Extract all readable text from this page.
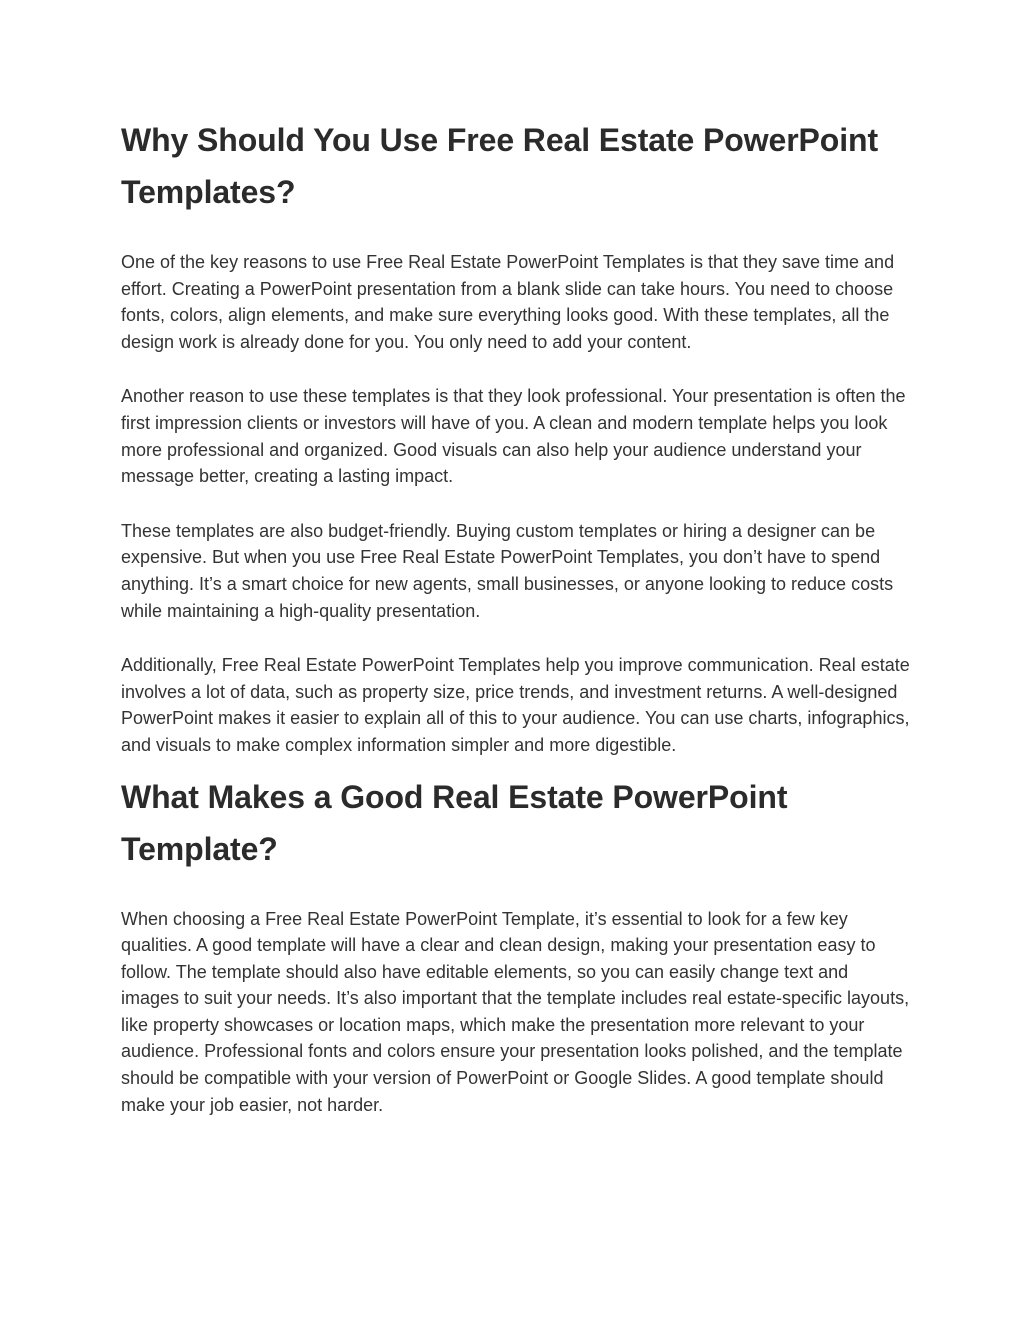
Why Should You Use Free Real Estate PowerPoint Templates?

One of the key reasons to use Free Real Estate PowerPoint Templates is that they save time and effort. Creating a PowerPoint presentation from a blank slide can take hours. You need to choose fonts, colors, align elements, and make sure everything looks good. With these templates, all the design work is already done for you. You only need to add your content.

Another reason to use these templates is that they look professional. Your presentation is often the first impression clients or investors will have of you. A clean and modern template helps you look more professional and organized. Good visuals can also help your audience understand your message better, creating a lasting impact.

These templates are also budget-friendly. Buying custom templates or hiring a designer can be expensive. But when you use Free Real Estate PowerPoint Templates, you don’t have to spend anything. It’s a smart choice for new agents, small businesses, or anyone looking to reduce costs while maintaining a high-quality presentation.

Additionally, Free Real Estate PowerPoint Templates help you improve communication. Real estate involves a lot of data, such as property size, price trends, and investment returns. A well-designed PowerPoint makes it easier to explain all of this to your audience. You can use charts, infographics, and visuals to make complex information simpler and more digestible.

What Makes a Good Real Estate PowerPoint Template?

When choosing a Free Real Estate PowerPoint Template, it’s essential to look for a few key qualities. A good template will have a clear and clean design, making your presentation easy to follow. The template should also have editable elements, so you can easily change text and images to suit your needs. It’s also important that the template includes real estate-specific layouts, like property showcases or location maps, which make the presentation more relevant to your audience. Professional fonts and colors ensure your presentation looks polished, and the template should be compatible with your version of PowerPoint or Google Slides. A good template should make your job easier, not harder.
